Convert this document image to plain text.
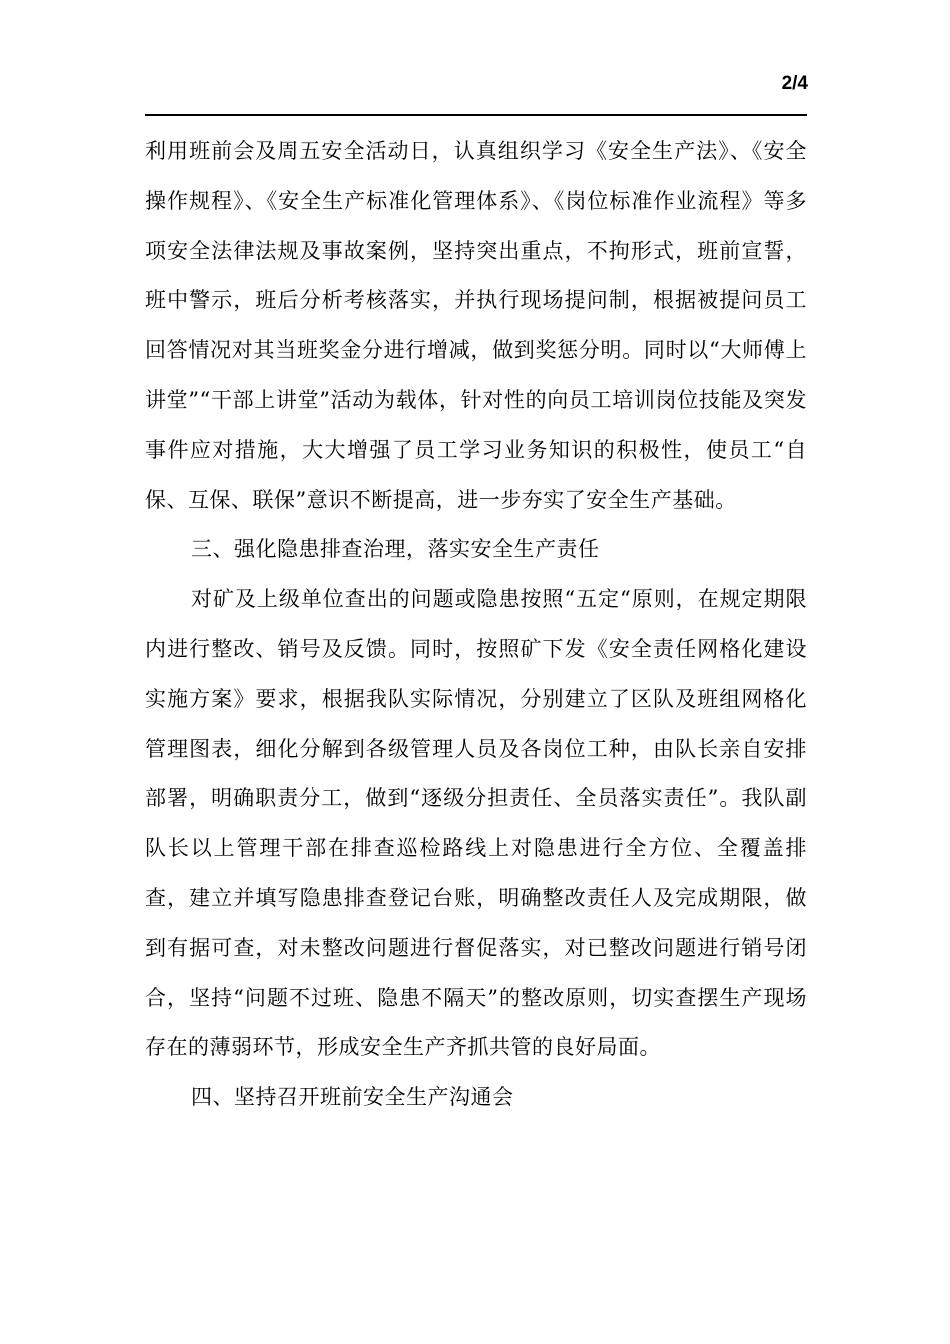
2/4

利用班前会及周五安全活动日，认真组织学习《安全生产法》、《安全操作规程》、《安全生产标准化管理体系》、《岗位标准作业流程》等多项安全法律法规及事故案例，坚持突出重点，不拘形式，班前宣誓，班中警示，班后分析考核落实，并执行现场提问制，根据被提问员工回答情况对其当班奖金分进行增减，做到奖惩分明。同时以“大师傅上讲堂”“干部上讲堂”活动为载体，针对性的向员工培训岗位技能及突发事件应对措施，大大增强了员工学习业务知识的积极性，使员工“自保、互保、联保”意识不断提高，进一步夯实了安全生产基础。

三、强化隐患排查治理，落实安全生产责任

对矿及上级单位查出的问题或隐患按照“五定“原则，在规定期限内进行整改、销号及反馈。同时，按照矿下发《安全责任网格化建设实施方案》要求，根据我队实际情况，分别建立了区队及班组网格化管理图表，细化分解到各级管理人员及各岗位工种，由队长亲自安排部署，明确职责分工，做到“逐级分担责任、全员落实责任”。我队副队长以上管理干部在排查巡检路线上对隐患进行全方位、全覆盖排查，建立并填写隐患排查登记台账，明确整改责任人及完成期限，做到有据可查，对未整改问题进行督促落实，对已整改问题进行销号闭合，坚持“问题不过班、隐患不隔天”的整改原则，切实查摆生产现场存在的薄弱环节，形成安全生产齐抓共管的良好局面。

四、坚持召开班前安全生产沟通会
